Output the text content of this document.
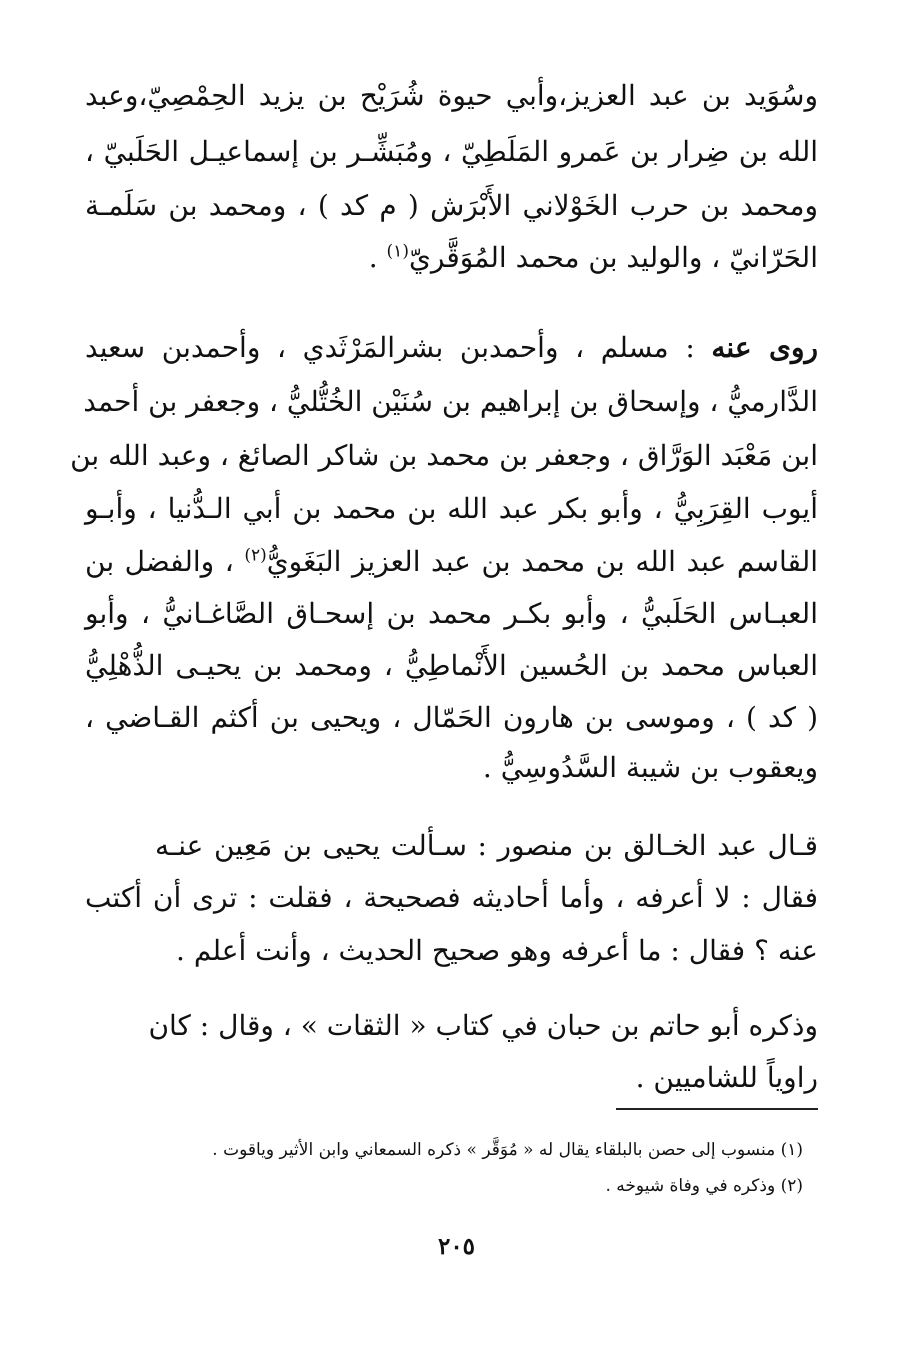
وسُوَيد بن عبد العزيز،وأبي حيوة شُرَيْح بن يزيد الحِمْصِيّ،وعبد
الله بن ضِرار بن عَمرو المَلَطِيّ ، ومُبَشِّـر بن إسماعيـل الحَلَبيّ ،
ومحمد بن حرب الخَوْلاني الأَبْرَش ( م كد ) ، ومحمد بن سَلَمـة
الحَرّانيّ ، والوليد بن محمد المُوَقَّريّ$^{(١)}$ .
روى عنه : مسلم ، وأحمدبن بشرالمَرْثَدي ، وأحمدبن سعيد
الدَّارميُّ ، وإسحاق بن إبراهيم بن سُنَيْن الخُتُّليُّ ، وجعفر بن أحمد
ابن مَعْبَد الوَرَّاق ، وجعفر بن محمد بن شاكر الصائغ ، وعبد الله بن
أيوب القِرَبِيُّ ، وأبو بكر عبد الله بن محمد بن أبي الـدُّنيا ، وأبـو
القاسم عبد الله بن محمد بن عبد العزيز البَغَويُّ$^{(٢)}$ ، والفضل بن
العبـاس الحَلَبيُّ ، وأبو بكـر محمد بن إسحـاق الصَّاغـانيُّ ، وأبو
العباس محمد بن الحُسين الأَنْماطِيُّ ، ومحمد بن يحيـى الذُّهْلِيُّ
( كد ) ، وموسى بن هارون الحَمّال ، ويحيى بن أكثم القـاضي ،
ويعقوب بن شيبة السَّدُوسِيُّ .
قـال عبد الخـالق بن منصور : سـألت يحيى بن مَعِين عنـه
فقال : لا أعرفه ، وأما أحاديثه فصحيحة ، فقلت : ترى أن أكتب
عنه ؟ فقال : ما أعرفه وهو صحيح الحديث ، وأنت أعلم .
وذكره أبو حاتم بن حبان في كتاب « الثقات » ، وقال : كان
راوياً للشاميين .
(١) منسوب إلى حصن بالبلقاء يقال له « مُوَقَّر » ذكره السمعاني وابن الأثير وياقوت .
(٢) وذكره في وفاة شيوخه .
٢٠٥
